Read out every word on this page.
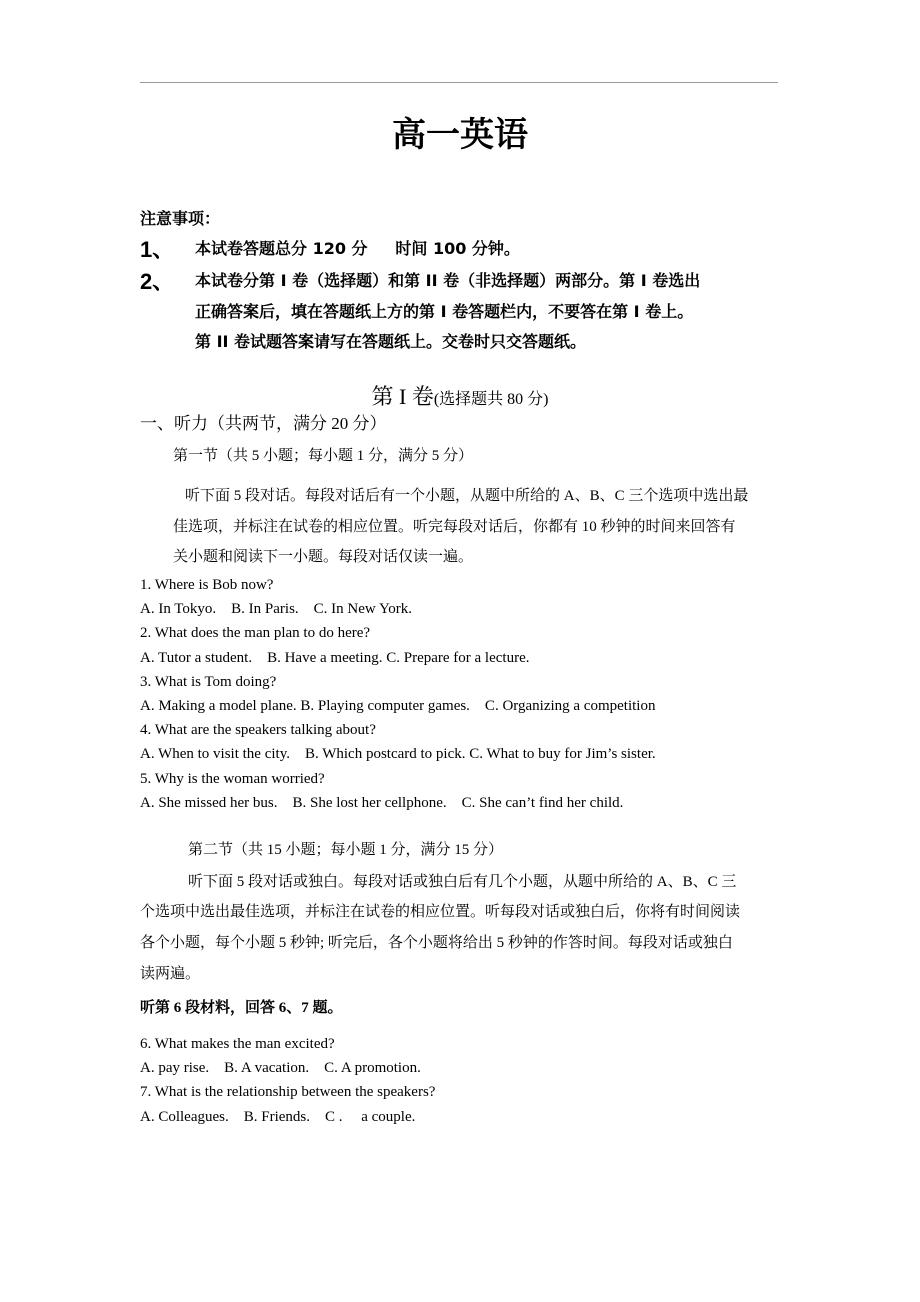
高一英语
注意事项：
1、 本试卷答题总分 120 分     时间 100 分钟。
2、 本试卷分第 I 卷（选择题）和第 II 卷（非选择题）两部分。第 I 卷选出
正确答案后，填在答题纸上方的第 I 卷答题栏内，不要答在第 I 卷上。
第 II 卷试题答案请写在答题纸上。交卷时只交答题纸。
第 I 卷(选择题共 80 分)
一、听力（共两节，满分 20 分）
第一节（共 5 小题；每小题 1 分，满分 5 分）
听下面 5 段对话。每段对话后有一个小题，从题中所给的 A、B、C 三个选项中选出最
佳选项，并标注在试卷的相应位置。听完每段对话后，你都有 10 秒钟的时间来回答有
关小题和阅读下一小题。每段对话仅读一遍。
1. Where is Bob now?
A. In Tokyo.    B. In Paris.    C. In New York.
2. What does the man plan to do here?
A. Tutor a student.    B. Have a meeting. C. Prepare for a lecture.
3. What is Tom doing?
A. Making a model plane. B. Playing computer games.    C. Organizing a competition
4. What are the speakers talking about?
A. When to visit the city.    B. Which postcard to pick. C. What to buy for Jim’s sister.
5. Why is the woman worried?
A. She missed her bus.    B. She lost her cellphone.    C. She can’t find her child.
第二节（共 15 小题；每小题 1 分，满分 15 分）
听下面 5 段对话或独白。每段对话或独白后有几个小题，从题中所给的 A、B、C 三
个选项中选出最佳选项，并标注在试卷的相应位置。听每段对话或独白后，你将有时间阅读
各个小题，每个小题 5 秒钟; 听完后，各个小题将给出 5 秒钟的作答时间。每段对话或独白
读两遍。
听第 6 段材料，回答 6、7 题。
6. What makes the man excited?
A. pay rise.    B. A vacation.    C. A promotion.
7. What is the relationship between the speakers?
A. Colleagues.    B. Friends.    C .     a couple.
